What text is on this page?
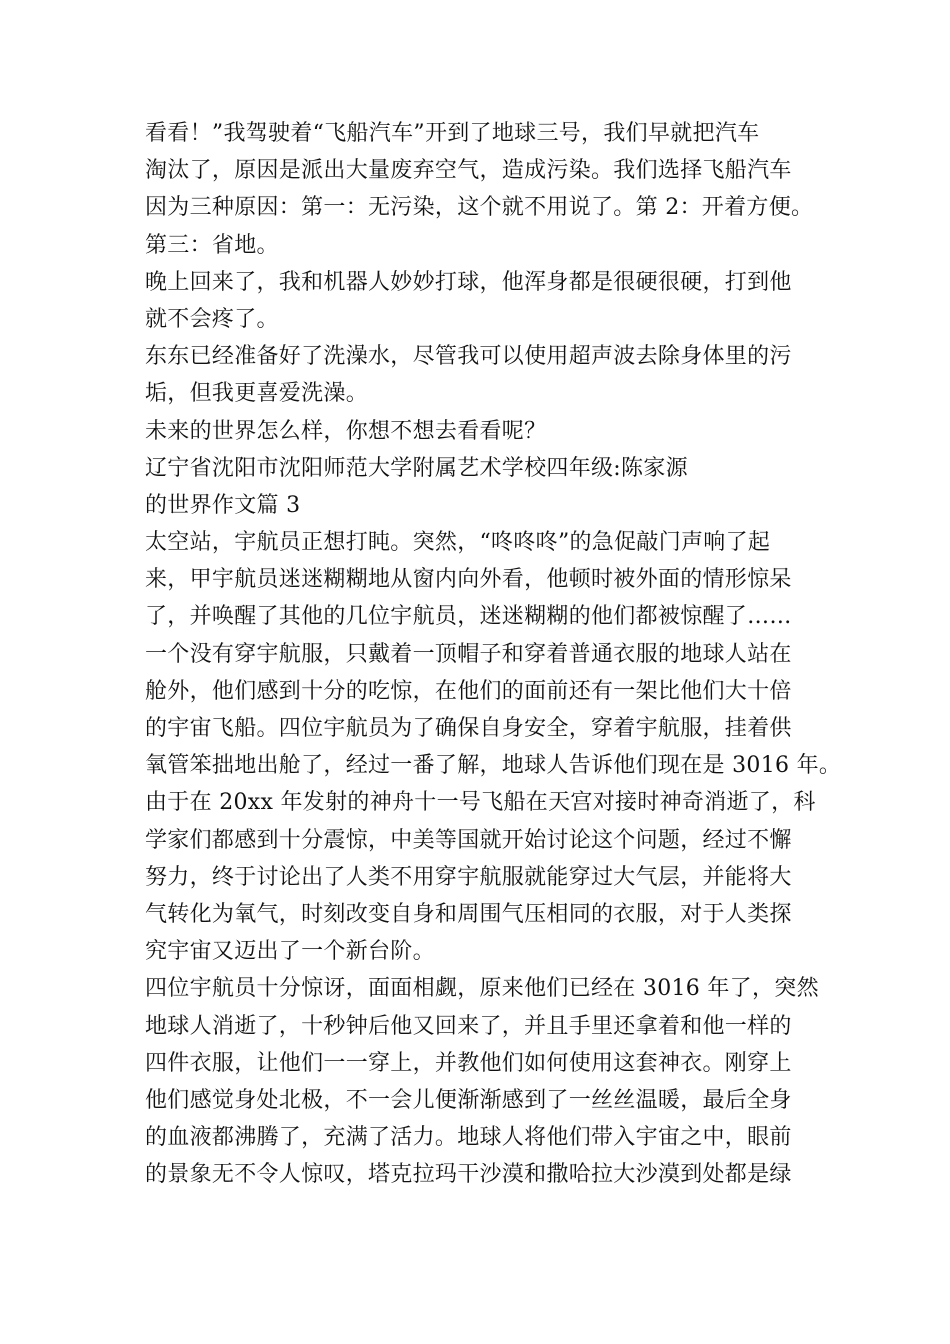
看看！”我驾驶着“飞船汽车”开到了地球三号，我们早就把汽车
淘汰了，原因是派出大量废弃空气，造成污染。我们选择飞船汽车
因为三种原因：第一：无污染，这个就不用说了。第 2：开着方便。
第三：省地。
晚上回来了，我和机器人妙妙打球，他浑身都是很硬很硬，打到他
就不会疼了。
东东已经准备好了洗澡水，尽管我可以使用超声波去除身体里的污
垢，但我更喜爱洗澡。
未来的世界怎么样，你想不想去看看呢？
辽宁省沈阳市沈阳师范大学附属艺术学校四年级:陈家源
的世界作文篇 3
太空站，宇航员正想打盹。突然，“咚咚咚”的急促敲门声响了起
来，甲宇航员迷迷糊糊地从窗内向外看，他顿时被外面的情形惊呆
了，并唤醒了其他的几位宇航员，迷迷糊糊的他们都被惊醒了……
一个没有穿宇航服，只戴着一顶帽子和穿着普通衣服的地球人站在
舱外，他们感到十分的吃惊，在他们的面前还有一架比他们大十倍
的宇宙飞船。四位宇航员为了确保自身安全，穿着宇航服，挂着供
氧管笨拙地出舱了，经过一番了解，地球人告诉他们现在是 3016 年。
由于在 20xx 年发射的神舟十一号飞船在天宫对接时神奇消逝了，科
学家们都感到十分震惊，中美等国就开始讨论这个问题，经过不懈
努力，终于讨论出了人类不用穿宇航服就能穿过大气层，并能将大
气转化为氧气，时刻改变自身和周围气压相同的衣服，对于人类探
究宇宙又迈出了一个新台阶。
四位宇航员十分惊讶，面面相觑，原来他们已经在 3016 年了，突然
地球人消逝了，十秒钟后他又回来了，并且手里还拿着和他一样的
四件衣服，让他们一一穿上，并教他们如何使用这套神衣。刚穿上
他们感觉身处北极，不一会儿便渐渐感到了一丝丝温暖，最后全身
的血液都沸腾了，充满了活力。地球人将他们带入宇宙之中，眼前
的景象无不令人惊叹，塔克拉玛干沙漠和撒哈拉大沙漠到处都是绿
